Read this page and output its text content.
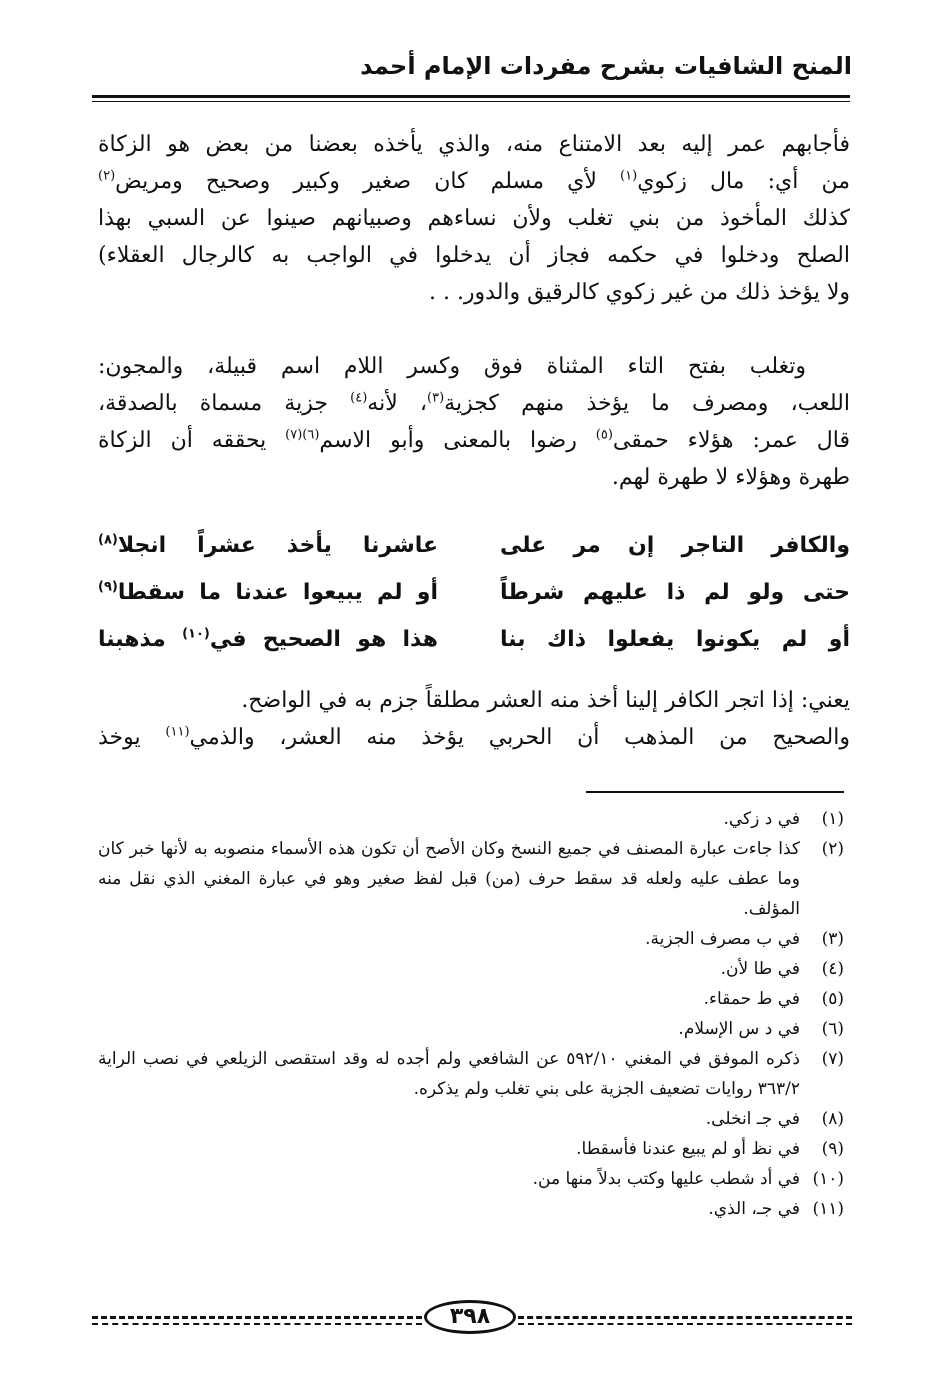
المنح الشافيات بشرح مفردات الإمام أحمد
فأجابهم عمر إليه بعد الامتناع منه، والذي يأخذه بعضنا من بعض هو الزكاة
من أي: مال زكوي$^{(١)}$ لأي مسلم كان صغير وكبير وصحيح ومريض$^{(٢)}$
كذلك المأخوذ من بني تغلب ولأن نساءهم وصبيانهم صينوا عن السبي بهذا
الصلح ودخلوا في حكمه فجاز أن يدخلوا في الواجب به كالرجال العقلاء)
ولا يؤخذ ذلك من غير زكوي كالرقيق والدور. . .
وتغلب بفتح التاء المثناة فوق وكسر اللام اسم قبيلة، والمجون:
اللعب، ومصرف ما يؤخذ منهم كجزية$^{(٣)}$، لأنه$^{(٤)}$ جزية مسماة بالصدقة،
قال عمر: هؤلاء حمقى$^{(٥)}$ رضوا بالمعنى وأبو الاسم$^{(٦)(٧)}$ يحققه أن الزكاة
طهرة وهؤلاء لا طهرة لهم.
والكافر التاجر إن مر على
عاشرنا يأخذ عشراً انجلا$^{(٨)}$
حتى ولو لم ذا عليهم شرطاً
أو لم يبيعوا عندنا ما سقطا$^{(٩)}$
أو لم يكونوا يفعلوا ذاك بنا
هذا هو الصحيح في$^{(١٠)}$ مذهبنا
يعني: إذا اتجر الكافر إلينا أخذ منه العشر مطلقاً جزم به في الواضح.
والصحيح من المذهب أن الحربي يؤخذ منه العشر، والذمي$^{(١١)}$ يوخذ
(١)
في د زكي.
(٢)
كذا جاءت عبارة المصنف في جميع النسخ وكان الأصح أن تكون هذه الأسماء منصوبه به لأنها خبر كان وما عطف عليه ولعله قد سقط حرف (من) قبل لفظ صغير وهو في عبارة المغني الذي نقل منه المؤلف.
(٣)
في ب مصرف الجزية.
(٤)
في طا لأن.
(٥)
في ط حمقاء.
(٦)
في د س الإسلام.
(٧)
ذكره الموفق في المغني ٥٩٢/١٠ عن الشافعي ولم أجده له وقد استقصى الزيلعي في نصب الراية ٣٦٣/٢ روايات تضعيف الجزية على بني تغلب ولم يذكره.
(٨)
في جـ انخلى.
(٩)
في نظ أو لم يبيع عندنا فأسقطا.
(١٠)
في أد شطب عليها وكتب بدلاً منها من.
(١١)
في جـ، الذي.
٣٩٨
